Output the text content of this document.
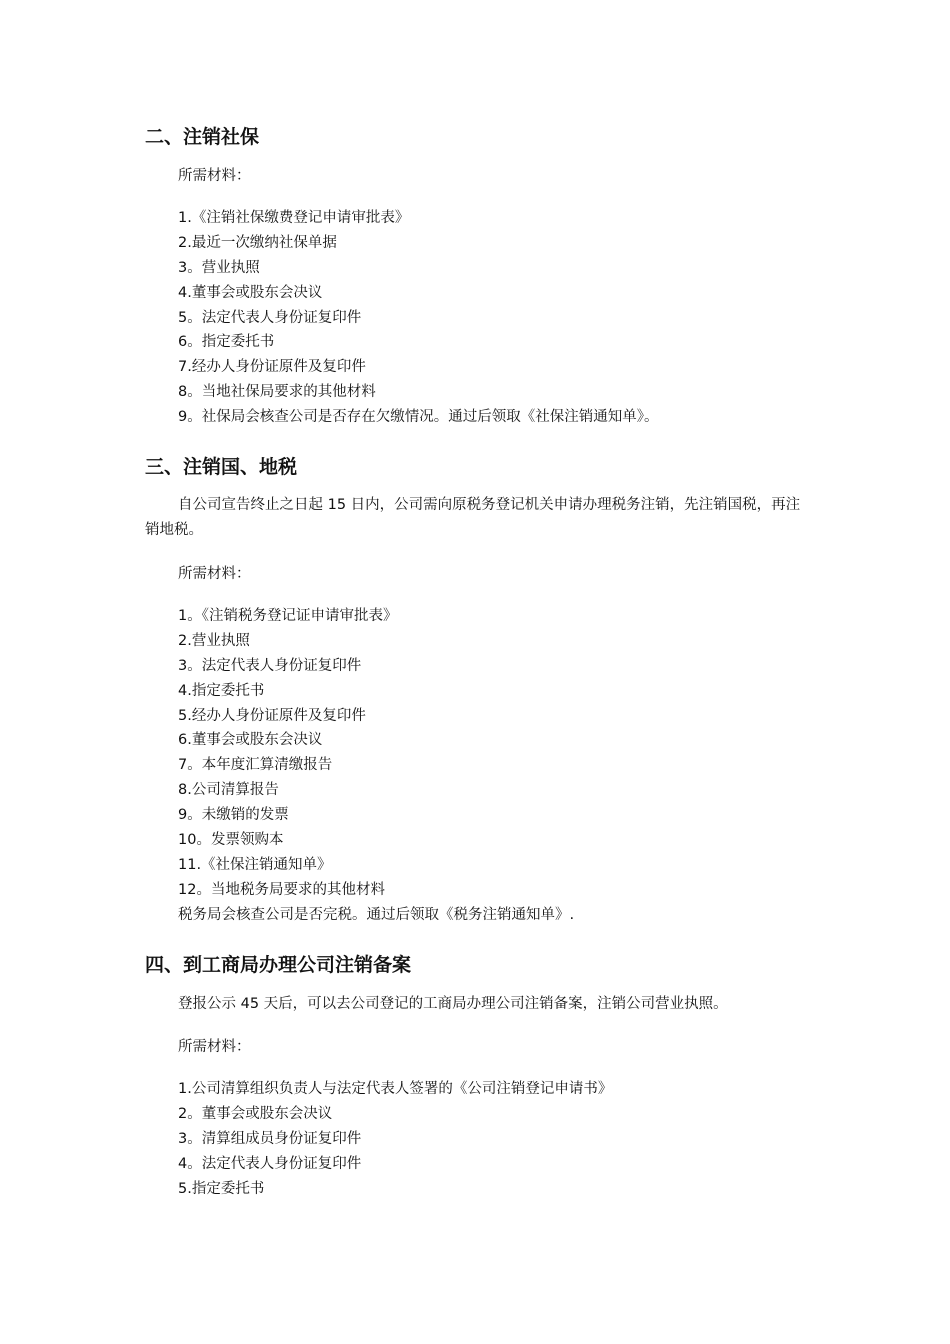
二、注销社保
所需材料：
1.《注销社保缴费登记申请审批表》
2.最近一次缴纳社保单据
3。营业执照
4.董事会或股东会决议
5。法定代表人身份证复印件
6。指定委托书
7.经办人身份证原件及复印件
8。当地社保局要求的其他材料
9。社保局会核查公司是否存在欠缴情况。通过后领取《社保注销通知单》。
三、注销国、地税
自公司宣告终止之日起 15 日内，公司需向原税务登记机关申请办理税务注销，先注销国税，再注销地税。
所需材料：
1。《注销税务登记证申请审批表》
2.营业执照
3。法定代表人身份证复印件
4.指定委托书
5.经办人身份证原件及复印件
6.董事会或股东会决议
7。本年度汇算清缴报告
8.公司清算报告
9。未缴销的发票
10。发票领购本
11.《社保注销通知单》
12。当地税务局要求的其他材料
税务局会核查公司是否完税。通过后领取《税务注销通知单》.
四、到工商局办理公司注销备案
登报公示 45 天后，可以去公司登记的工商局办理公司注销备案，注销公司营业执照。
所需材料：
1.公司清算组织负责人与法定代表人签署的《公司注销登记申请书》
2。董事会或股东会决议
3。清算组成员身份证复印件
4。法定代表人身份证复印件
5.指定委托书
